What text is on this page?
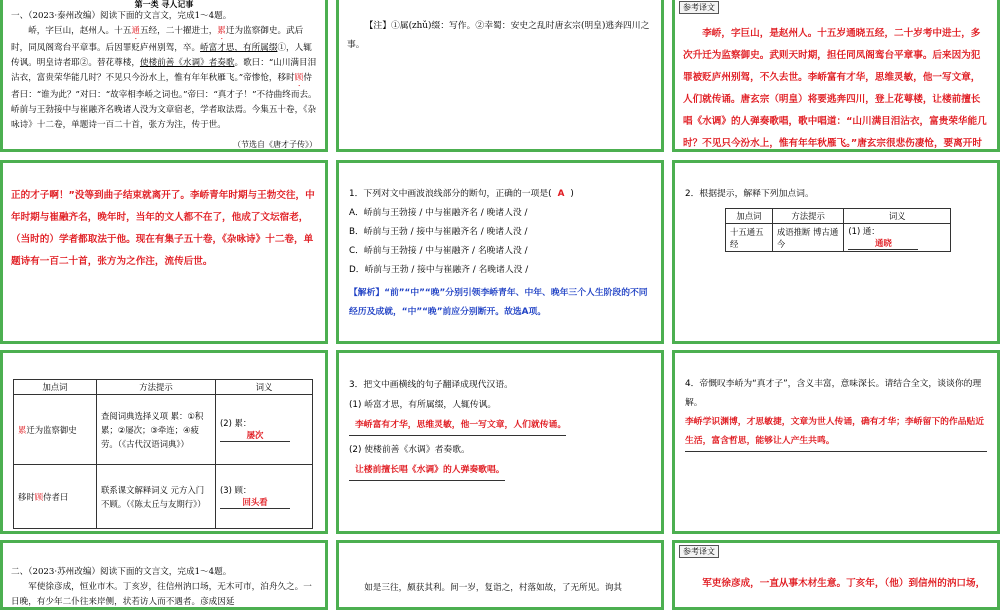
第一类 寻人记事
一、（2023·泰州改编）阅读下面的文言文，完成1～4题。
峤，字巨山，赵州人。十五通五经，二十擢进士，累迁为监察御史。武后时，同凤阁鸾台平章事。后因罪贬庐州别驾，卒。峤富才思，有所属缀①，人辄传讽。明皇诗者耶②。替花尊楼，使楼前善《水调》者奏歌。歌曰：“山川满目泪沾衣，富贵荣华能几时？不见只今汾水上，惟有年年秋雁飞。”帝惨怆，移时顾侍者曰：“谁为此？”对曰：“故宰相李峤之词也。”帝曰：“真才子！”不待曲终而去。峤前与王勃接中与崔融齐名晚诸人没为文章宿老，学者取法焉。今集五十卷，《杂咏诗》十二卷，单题诗一百二十首，张方为注，传于世。
（节选自《唐才子传》）
【注】①属(zhǔ)缀：写作。②幸蜀：安史之乱时唐玄宗(明皇)逃奔四川之事。
参考译文
李峤，字巨山，是赵州人。十五岁通晓五经，二十岁考中进士，多次升迁为监察御史。武则天时期，担任同凤阁鸾台平章事。后来因为犯罪被贬庐州别驾，不久去世。李峤富有才华，思维灵敏，他一写文章，人们就传诵。唐玄宗（明皇）将要逃奔四川，登上花萼楼，让楼前擅长唱《水调》的人弹奏歌唱，歌中唱道：“山川满目泪沾衣，富贵荣华能几时？不见只今汾水上，惟有年年秋雁飞。”唐玄宗很悲伤凄怆，要离开时
正的才子啊！”没等到曲子结束就离开了。李峤青年时期与王勃交往，中年时期与崔融齐名，晚年时，当年的文人都不在了，他成了文坛宿老，（当时的）学者都取法于他。现在有集子五十卷，《杂咏诗》十二卷，单题诗有一百二十首，张方为之作注，流传后世。
1．下列对文中画波浪线部分的断句，正确的一项是( A )
A．峤前与王勃接 / 中与崔融齐名 / 晚诸人没 /
B．峤前与王勃 / 接中与崔融齐名 / 晚诸人没 /
C．峤前与王勃接 / 中与崔融齐 / 名晚诸人没 /
D．峤前与王勃 / 接中与崔融齐 / 名晚诸人没 /
【解析】“前”“中”“晚”分别引领李峤青年、中年、晚年三个人生阶段的不同经历及成就，“中”“晚”前应分别断开。故选A项。
2．根据提示，解释下列加点词。
加点词	方法提示	词义
十五通五经	成语推断 博古通今	(1) 通：通晓
加点词	方法提示	词义
累迁为监察御史	查阅词典选择义项 累：①积累；②屡次；③牵连；④疲劳。（《古代汉语词典》）	(2) 累：
屡次
移时顾侍者曰	联系课文解释词义 元方入门不顾。（《陈太丘与友期行》）	(3) 顾：
回头看
3．把文中画横线的句子翻译成现代汉语。
(1) 峤富才思，有所属缀，人辄传讽。
李峤富有才华，思维灵敏，他一写文章，人们就传诵。
(2) 使楼前善《水调》者奏歌。
让楼前擅长唱《水调》的人弹奏歌唱。
4．帝慨叹李峤为“真才子”，含义丰富，意味深长。请结合全文，谈谈你的理解。
李峤学识渊博，才思敏捷，文章为世人传诵，确有才华；李峤留下的作品贴近生活，富含哲思，能够让人产生共鸣。
二、（2023·苏州改编）阅读下面的文言文，完成1～4题。
军使徐彦成，恒业市木。丁亥岁，往信州汭口场，无木可市，泊舟久之。一日晚，有少年二仆往来岸侧，状若访人而不遇者。彦成因延
如是三往，颇获其利。间一岁，复诣之，村落如故，了无所见。询其
参考译文
军吏徐彦成，一直从事木材生意。丁亥年，（他）到信州的汭口场，
